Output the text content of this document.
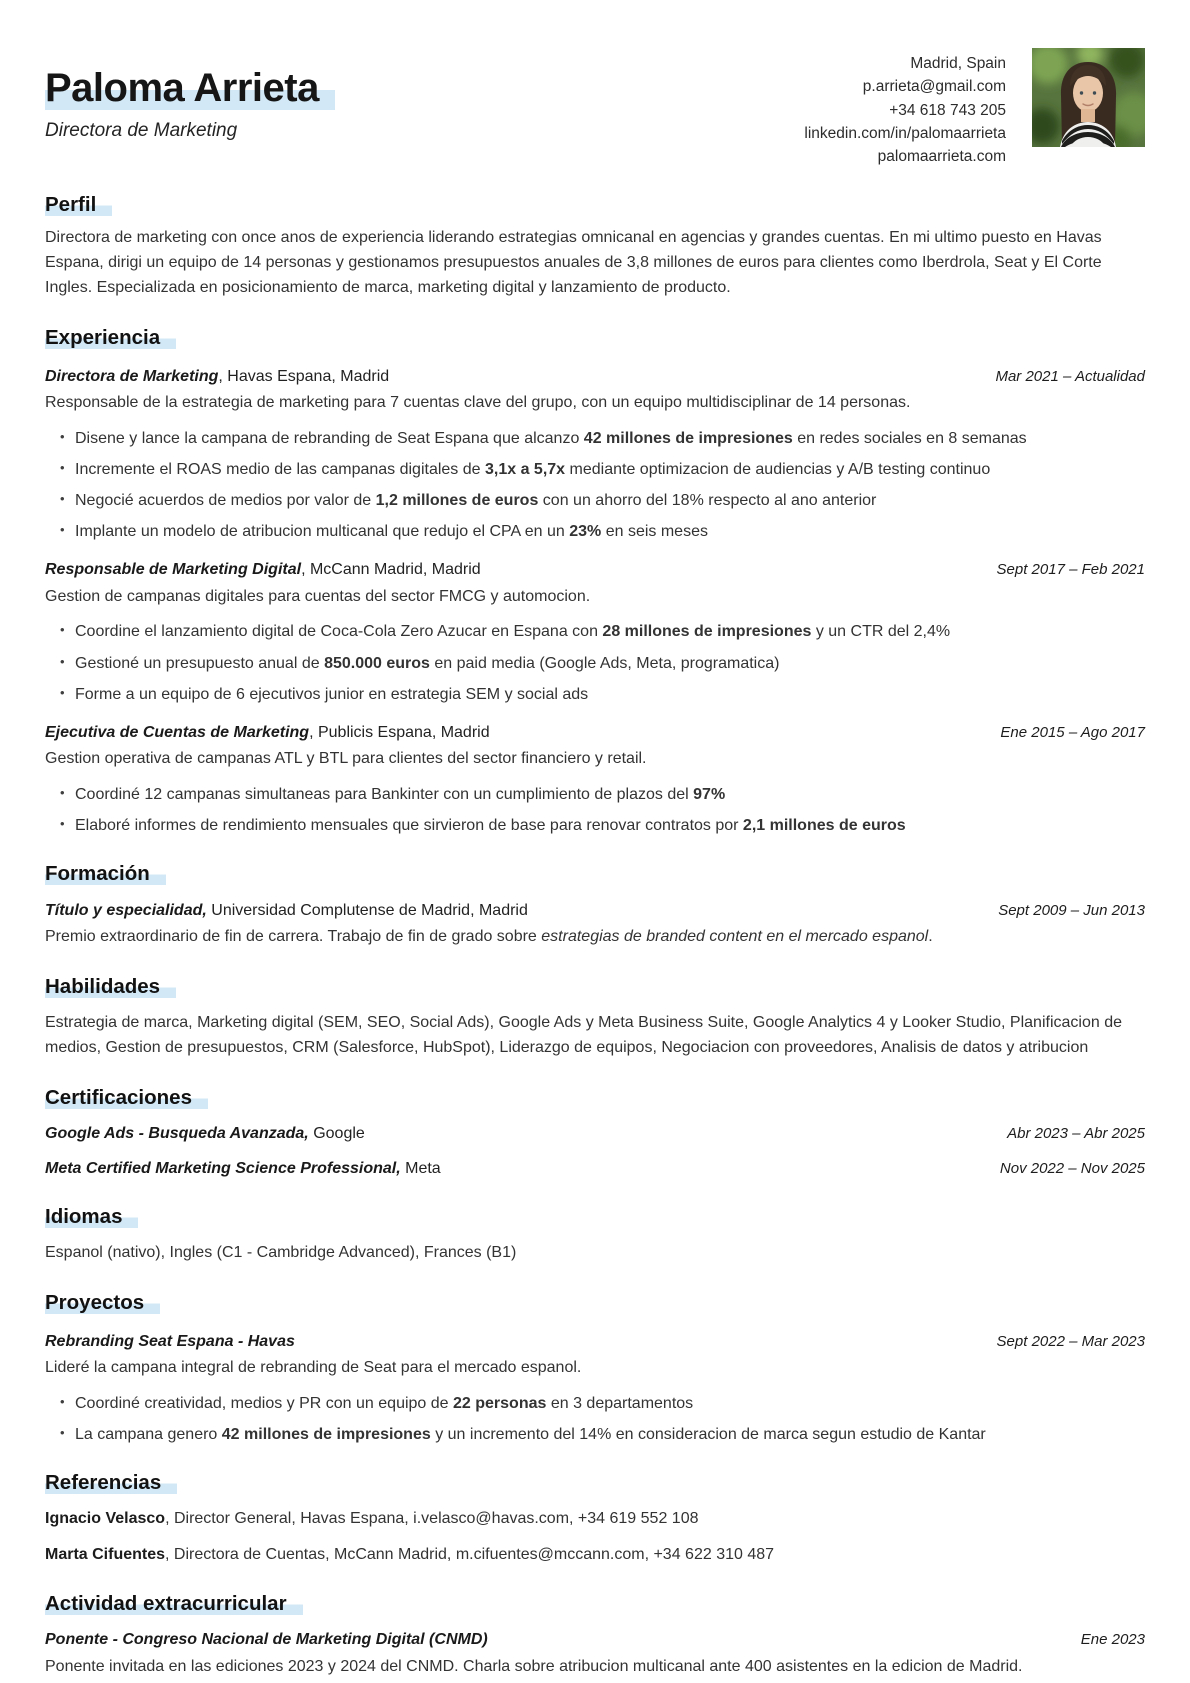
Paloma Arrieta
Directora de Marketing
Madrid, Spain
p.arrieta@gmail.com
+34 618 743 205
linkedin.com/in/palomaarrieta
palomaarrieta.com
Perfil

Directora de marketing con once anos de experiencia liderando estrategias omnicanal en agencias y grandes cuentas. En mi ultimo puesto en Havas Espana, dirigi un equipo de 14 personas y gestionamos presupuestos anuales de 3,8 millones de euros para clientes como Iberdrola, Seat y El Corte Ingles. Especializada en posicionamiento de marca, marketing digital y lanzamiento de producto.

Experiencia

Directora de Marketing, Havas Espana, Madrid	Mar 2021 – Actualidad

Responsable de la estrategia de marketing para 7 cuentas clave del grupo, con un equipo multidisciplinar de 14 personas.

• Disene y lance la campana de rebranding de Seat Espana que alcanzo 42 millones de impresiones en redes sociales en 8 semanas
• Incremente el ROAS medio de las campanas digitales de 3,1x a 5,7x mediante optimizacion de audiencias y A/B testing continuo
• Negocié acuerdos de medios por valor de 1,2 millones de euros con un ahorro del 18% respecto al ano anterior
• Implante un modelo de atribucion multicanal que redujo el CPA en un 23% en seis meses

Responsable de Marketing Digital, McCann Madrid, Madrid	Sept 2017 – Feb 2021

Gestion de campanas digitales para cuentas del sector FMCG y automocion.

• Coordine el lanzamiento digital de Coca-Cola Zero Azucar en Espana con 28 millones de impresiones y un CTR del 2,4%
• Gestioné un presupuesto anual de 850.000 euros en paid media (Google Ads, Meta, programatica)
• Forme a un equipo de 6 ejecutivos junior en estrategia SEM y social ads

Ejecutiva de Cuentas de Marketing, Publicis Espana, Madrid	Ene 2015 – Ago 2017

Gestion operativa de campanas ATL y BTL para clientes del sector financiero y retail.

• Coordiné 12 campanas simultaneas para Bankinter con un cumplimiento de plazos del 97%
• Elaboré informes de rendimiento mensuales que sirvieron de base para renovar contratos por 2,1 millones de euros
Formación

Título y especialidad, Universidad Complutense de Madrid, Madrid	Sept 2009 – Jun 2013

Premio extraordinario de fin de carrera. Trabajo de fin de grado sobre estrategias de branded content en el mercado espanol.

Habilidades

Estrategia de marca, Marketing digital (SEM, SEO, Social Ads), Google Ads y Meta Business Suite, Google Analytics 4 y Looker Studio, Planificacion de medios, Gestion de presupuestos, CRM (Salesforce, HubSpot), Liderazgo de equipos, Negociacion con proveedores, Analisis de datos y atribucion

Certificaciones

Google Ads - Busqueda Avanzada, Google	Abr 2023 – Abr 2025

Meta Certified Marketing Science Professional, Meta	Nov 2022 – Nov 2025

Idiomas

Espanol (nativo), Ingles (C1 - Cambridge Advanced), Frances (B1)

Proyectos

Rebranding Seat Espana - Havas	Sept 2022 – Mar 2023

Lideré la campana integral de rebranding de Seat para el mercado espanol.

• Coordiné creatividad, medios y PR con un equipo de 22 personas en 3 departamentos
• La campana genero 42 millones de impresiones y un incremento del 14% en consideracion de marca segun estudio de Kantar
Referencias

Ignacio Velasco, Director General, Havas Espana, i.velasco@havas.com, +34 619 552 108

Marta Cifuentes, Directora de Cuentas, McCann Madrid, m.cifuentes@mccann.com, +34 622 310 487

Actividad extracurricular

Ponente - Congreso Nacional de Marketing Digital (CNMD)	Ene 2023

Ponente invitada en las ediciones 2023 y 2024 del CNMD. Charla sobre atribucion multicanal ante 400 asistentes en la edicion de Madrid.
